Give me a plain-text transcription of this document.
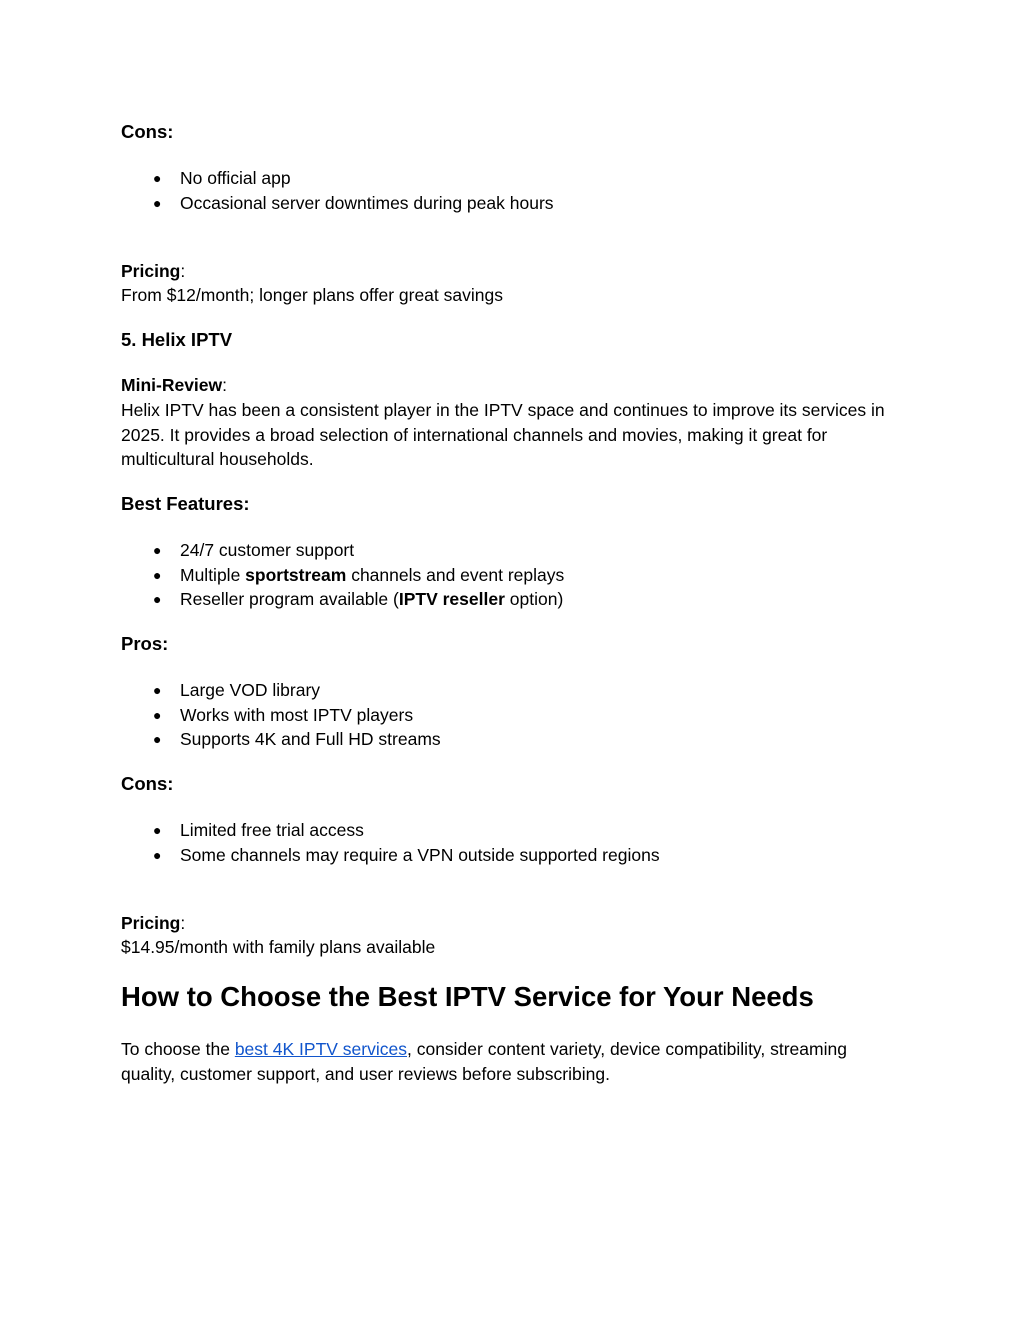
Cons:
● No official app
● Occasional server downtimes during peak hours
Pricing:
From $12/month; longer plans offer great savings
5. Helix IPTV
Mini-Review:
Helix IPTV has been a consistent player in the IPTV space and continues to improve its services in 2025. It provides a broad selection of international channels and movies, making it great for multicultural households.
Best Features:
● 24/7 customer support
● Multiple sportstream channels and event replays
● Reseller program available (IPTV reseller option)
Pros:
● Large VOD library
● Works with most IPTV players
● Supports 4K and Full HD streams
Cons:
● Limited free trial access
● Some channels may require a VPN outside supported regions
Pricing:
$14.95/month with family plans available
How to Choose the Best IPTV Service for Your Needs
To choose the best 4K IPTV services, consider content variety, device compatibility, streaming quality, customer support, and user reviews before subscribing.
